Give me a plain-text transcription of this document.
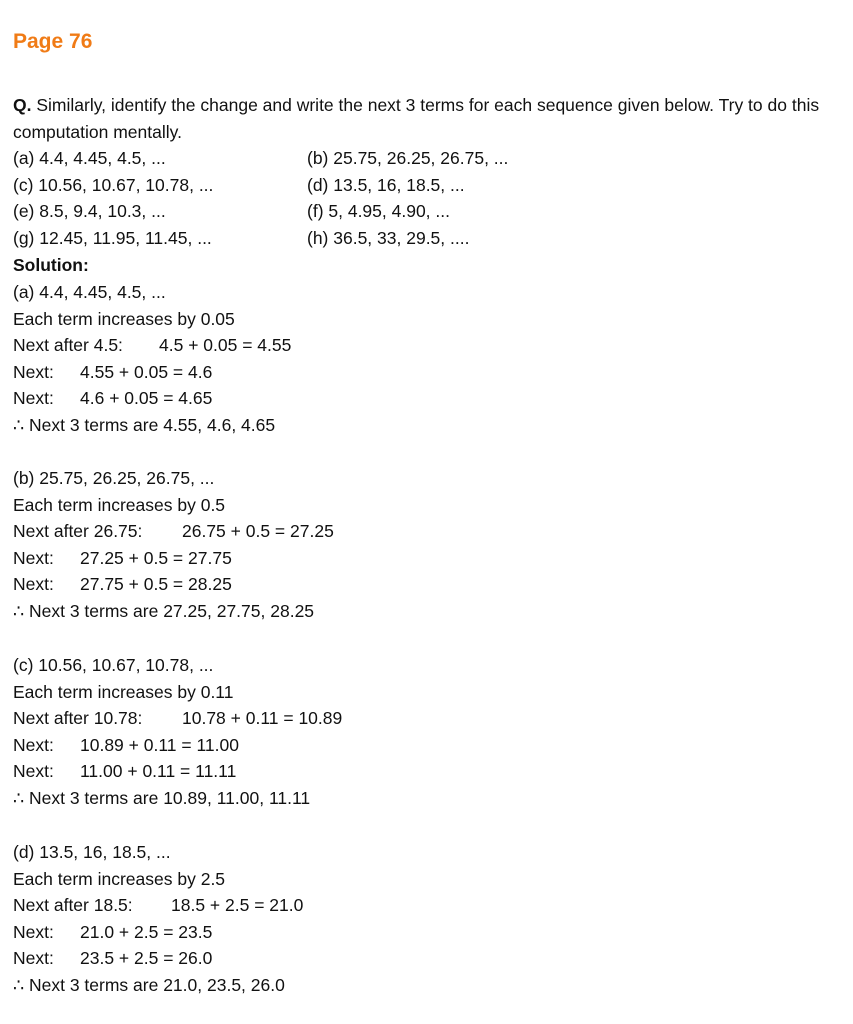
Page 76
Q. Similarly, identify the change and write the next 3 terms for each sequence given below. Try to do this computation mentally.
(a) 4.4, 4.45, 4.5, ...	(b) 25.75, 26.25, 26.75, ...
(c) 10.56, 10.67, 10.78, ...	(d) 13.5, 16, 18.5, ...
(e) 8.5, 9.4, 10.3, ...	(f) 5, 4.95, 4.90, ...
(g) 12.45, 11.95, 11.45, ...	(h) 36.5, 33, 29.5, ....
Solution:
(a) 4.4, 4.45, 4.5, ...
Each term increases by 0.05
Next after 4.5: 4.5 + 0.05 = 4.55
Next: 4.55 + 0.05 = 4.6
Next: 4.6 + 0.05 = 4.65
∴ Next 3 terms are 4.55, 4.6, 4.65
(b) 25.75, 26.25, 26.75, ...
Each term increases by 0.5
Next after 26.75: 26.75 + 0.5 = 27.25
Next: 27.25 + 0.5 = 27.75
Next: 27.75 + 0.5 = 28.25
∴ Next 3 terms are 27.25, 27.75, 28.25
(c) 10.56, 10.67, 10.78, ...
Each term increases by 0.11
Next after 10.78: 10.78 + 0.11 = 10.89
Next: 10.89 + 0.11 = 11.00
Next: 11.00 + 0.11 = 11.11
∴ Next 3 terms are 10.89, 11.00, 11.11
(d) 13.5, 16, 18.5, ...
Each term increases by 2.5
Next after 18.5: 18.5 + 2.5 = 21.0
Next: 21.0 + 2.5 = 23.5
Next: 23.5 + 2.5 = 26.0
∴ Next 3 terms are 21.0, 23.5, 26.0
